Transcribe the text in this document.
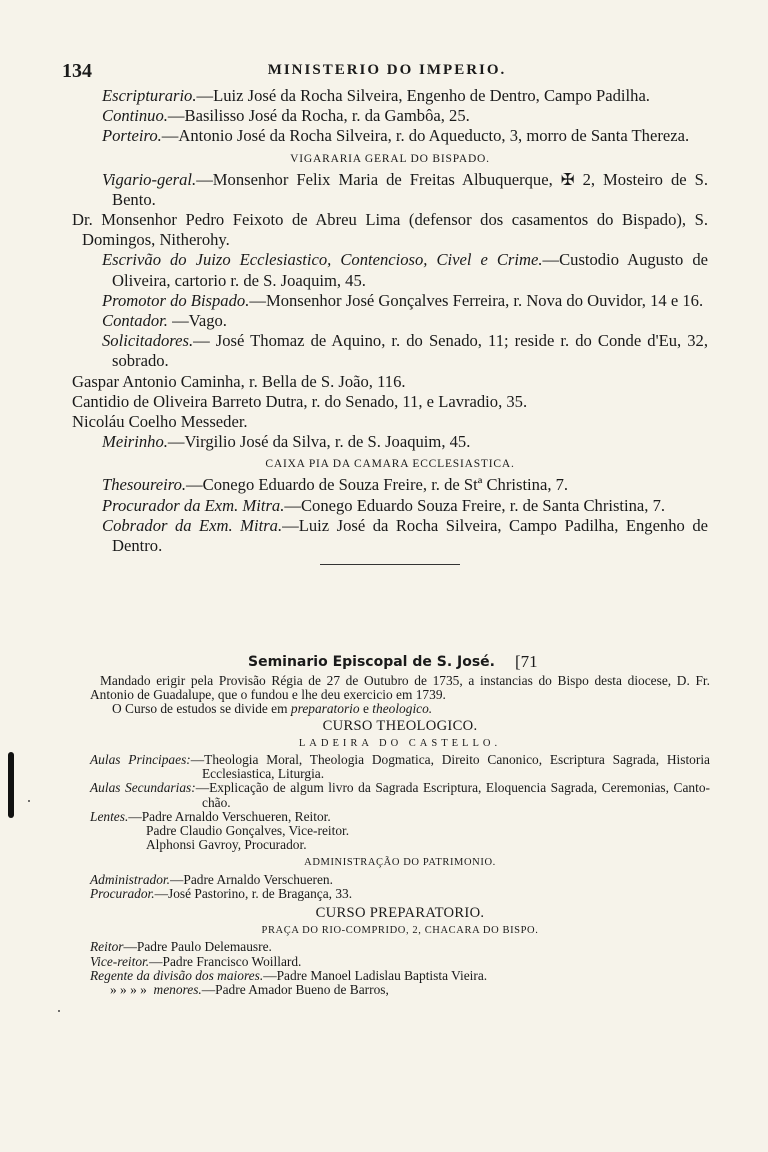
134	MINISTERIO DO IMPERIO.

Escripturario.—Luiz José da Rocha Silveira, Engenho de Dentro, Campo Padilha.

Continuo.—Basilisso José da Rocha, r. da Gambôa, 25.

Porteiro.—Antonio José da Rocha Silveira, r. do Aqueducto, 3, morro de Santa Thereza.

VIGARARIA GERAL DO BISPADO.

Vigario-geral.—Monsenhor Felix Maria de Freitas Albuquerque, ✠ 2, Mosteiro de S. Bento.

Dr. Monsenhor Pedro Feixoto de Abreu Lima (defensor dos casamentos do Bispado), S. Domingos, Nitherohy.

Escrivão do Juizo Ecclesiastico, Contencioso, Civel e Crime.—Custodio Augusto de Oliveira, cartorio r. de S. Joaquim, 45.

Promotor do Bispado.—Monsenhor José Gonçalves Ferreira, r. Nova do Ouvidor, 14 e 16.

Contador. —Vago.

Solicitadores.— José Thomaz de Aquino, r. do Senado, 11; reside r. do Conde d'Eu, 32, sobrado.

Gaspar Antonio Caminha, r. Bella de S. João, 116.

Cantidio de Oliveira Barreto Dutra, r. do Senado, 11, e Lavradio, 35.

Nicoláu Coelho Messeder.

Meirinho.—Virgilio José da Silva, r. de S. Joaquim, 45.

CAIXA PIA DA CAMARA ECCLESIASTICA.

Thesoureiro.—Conego Eduardo de Souza Freire, r. de Stª Christina, 7.

Procurador da Exm. Mitra.—Conego Eduardo Souza Freire, r. de Santa Christina, 7.

Cobrador da Exm. Mitra.—Luiz José da Rocha Silveira, Campo Padilha, Engenho de Dentro.

Seminario Episcopal de S. José. [71

Mandado erigir pela Provisão Régia de 27 de Outubro de 1735, a instancias do Bispo desta diocese, D. Fr. Antonio de Guadalupe, que o fundou e lhe deu exercicio em 1739.

O Curso de estudos se divide em preparatorio e theologico.

CURSO THEOLOGICO.
LADEIRA DO CASTELLO.

Aulas Principaes:—Theologia Moral, Theologia Dogmatica, Direito Canonico, Escriptura Sagrada, Historia Ecclesiastica, Liturgia.

Aulas Secundarias:—Explicação de algum livro da Sagrada Escriptura, Eloquencia Sagrada, Ceremonias, Canto-chão.

Lentes.—Padre Arnaldo Verschueren, Reitor.

Padre Claudio Gonçalves, Vice-reitor.

Alphonsi Gavroy, Procurador.

ADMINISTRAÇÃO DO PATRIMONIO.

Administrador.—Padre Arnaldo Verschueren.

Procurador.—José Pastorino, r. de Bragança, 33.

CURSO PREPARATORIO.
PRAÇA DO RIO-COMPRIDO, 2, CHACARA DO BISPO.

Reitor—Padre Paulo Delemausre.

Vice-reitor.—Padre Francisco Woillard.

Regente da divisão dos maiores.—Padre Manoel Ladislau Baptista Vieira.

» » » » menores.—Padre Amador Bueno de Barros,
